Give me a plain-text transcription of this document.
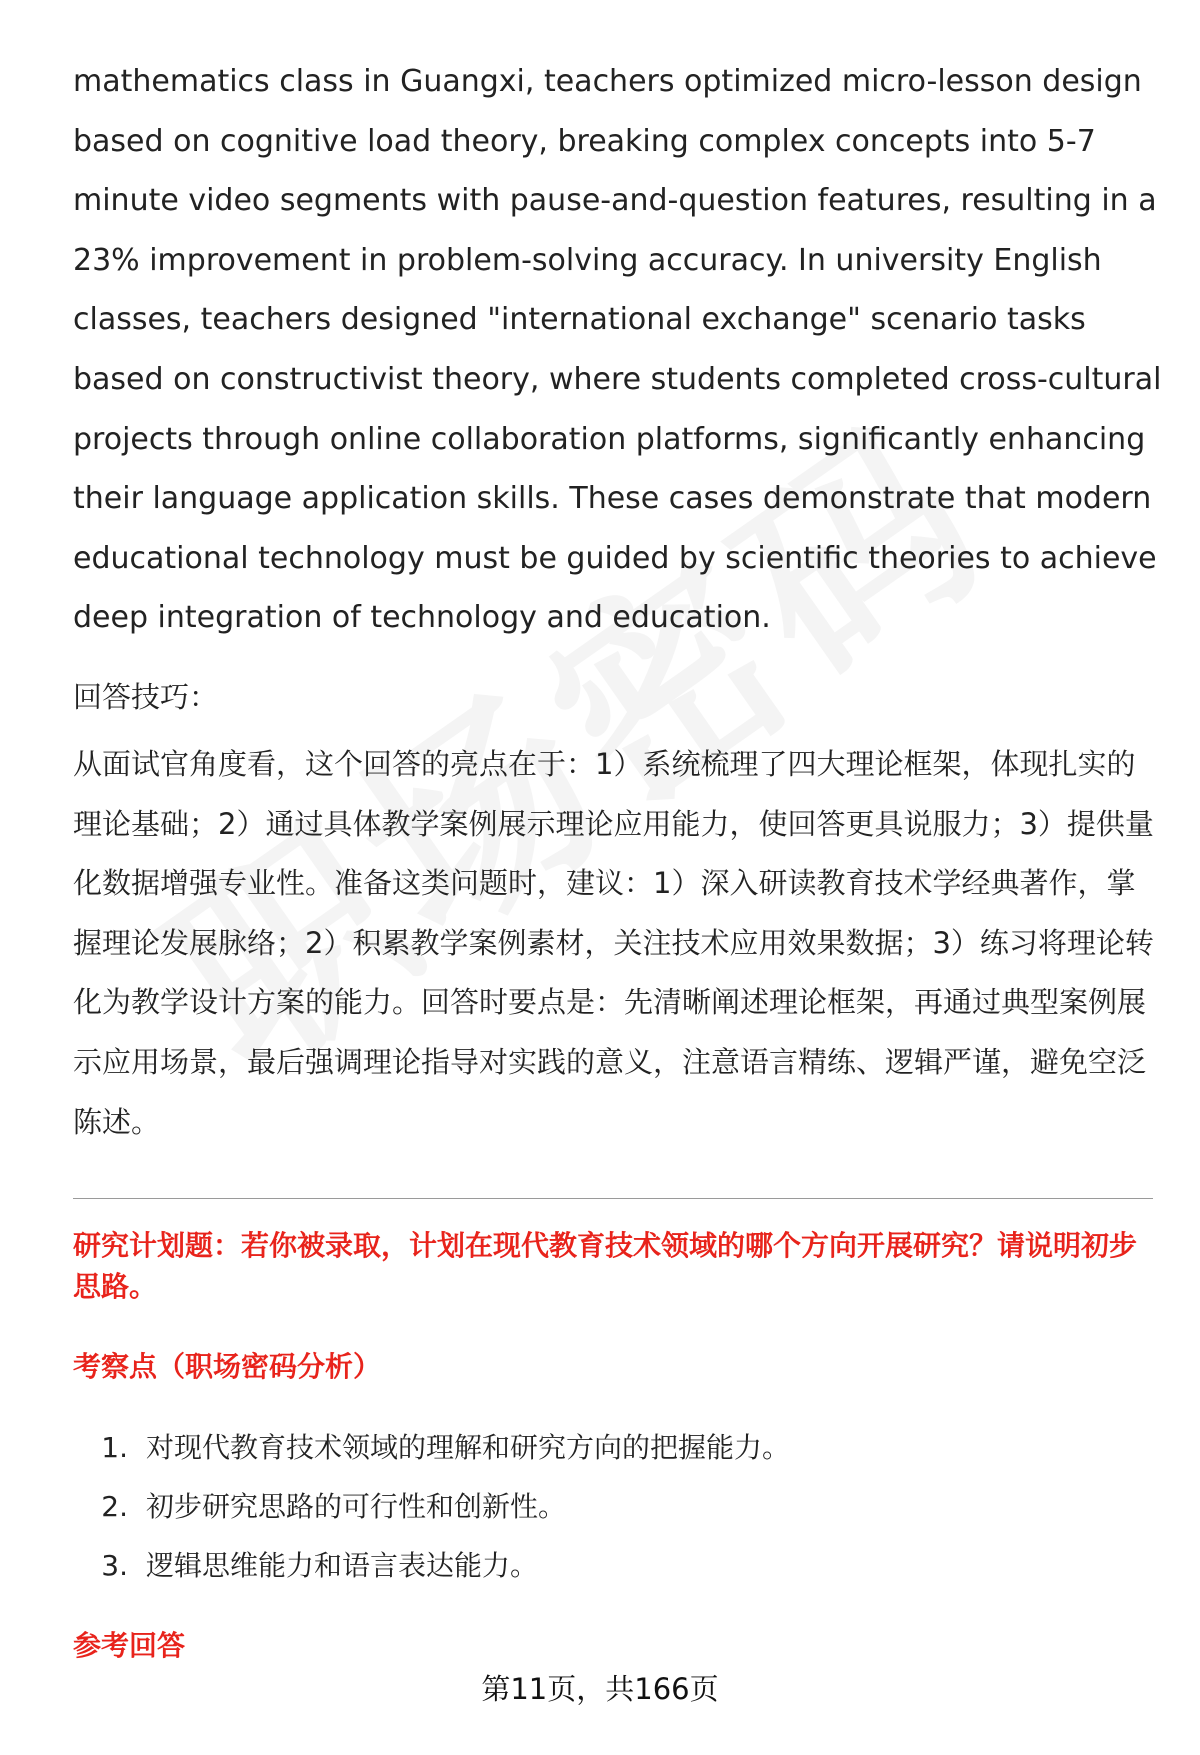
mathematics class in Guangxi, teachers optimized micro-lesson design based on cognitive load theory, breaking complex concepts into 5-7 minute video segments with pause-and-question features, resulting in a 23% improvement in problem-solving accuracy. In university English classes, teachers designed "international exchange" scenario tasks based on constructivist theory, where students completed cross-cultural projects through online collaboration platforms, significantly enhancing their language application skills. These cases demonstrate that modern educational technology must be guided by scientific theories to achieve deep integration of technology and education.

回答技巧：

从面试官角度看，这个回答的亮点在于：1）系统梳理了四大理论框架，体现扎实的理论基础；2）通过具体教学案例展示理论应用能力，使回答更具说服力；3）提供量化数据增强专业性。准备这类问题时，建议：1）深入研读教育技术学经典著作，掌握理论发展脉络；2）积累教学案例素材，关注技术应用效果数据；3）练习将理论转化为教学设计方案的能力。回答时要点是：先清晰阐述理论框架，再通过典型案例展示应用场景，最后强调理论指导对实践的意义，注意语言精练、逻辑严谨，避免空泛陈述。

研究计划题：若你被录取，计划在现代教育技术领域的哪个方向开展研究？请说明初步思路。

考察点（职场密码分析）

1. 对现代教育技术领域的理解和研究方向的把握能力。
2. 初步研究思路的可行性和创新性。
3. 逻辑思维能力和语言表达能力。

参考回答

第11页，共166页
